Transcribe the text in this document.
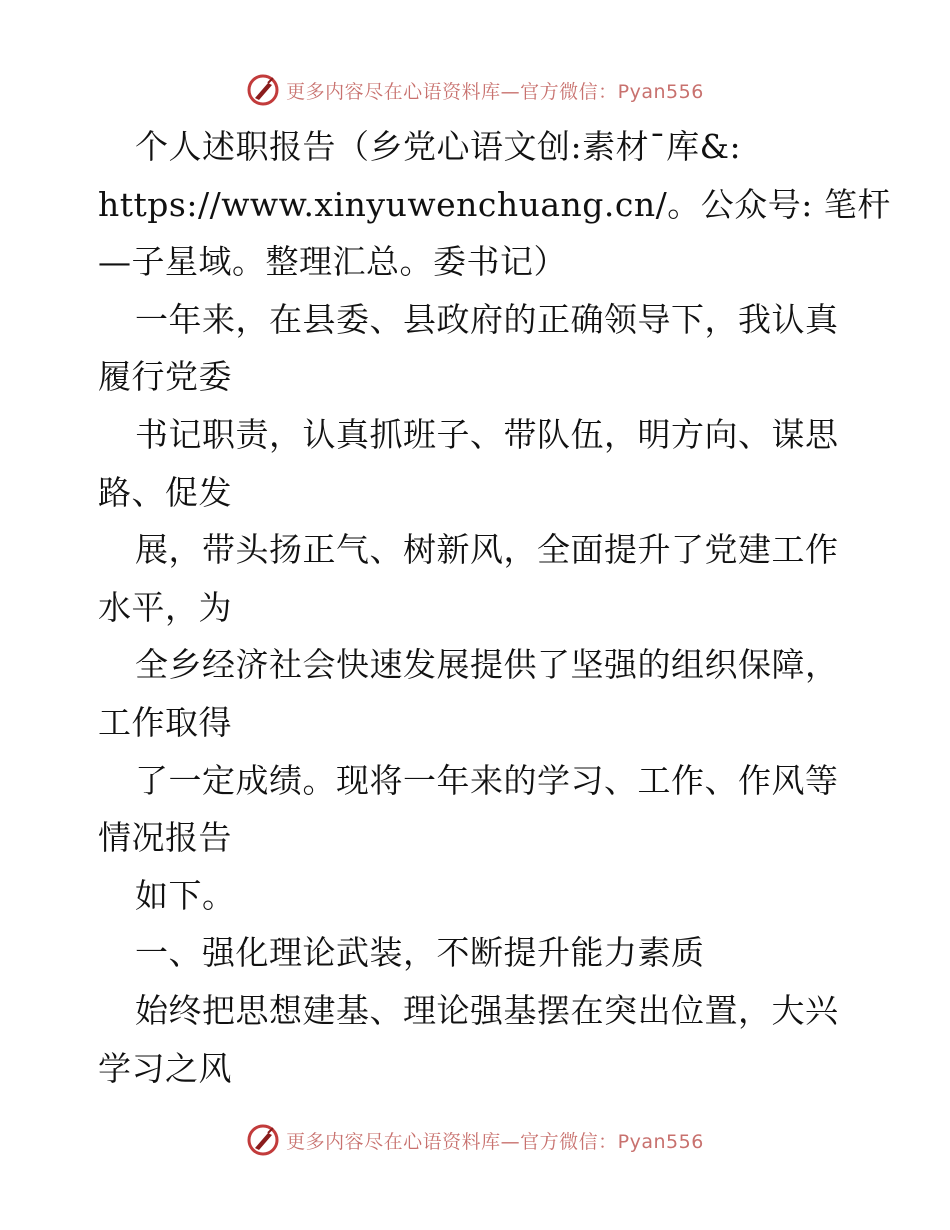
更多内容尽在心语资料库—官方微信：Pyan556
个人述职报告（乡党心语文创:素材¯库&:
https://www.xinyuwenchuang.cn/。公众号: 笔杆
—子星域。整理汇总。委书记）
一年来，在县委、县政府的正确领导下，我认真
履行党委
书记职责，认真抓班子、带队伍，明方向、谋思
路、促发
展，带头扬正气、树新风，全面提升了党建工作
水平，为
全乡经济社会快速发展提供了坚强的组织保障，
工作取得
了一定成绩。现将一年来的学习、工作、作风等
情况报告
如下。
一、强化理论武装，不断提升能力素质
始终把思想建基、理论强基摆在突出位置，大兴
学习之风
更多内容尽在心语资料库—官方微信：Pyan556
